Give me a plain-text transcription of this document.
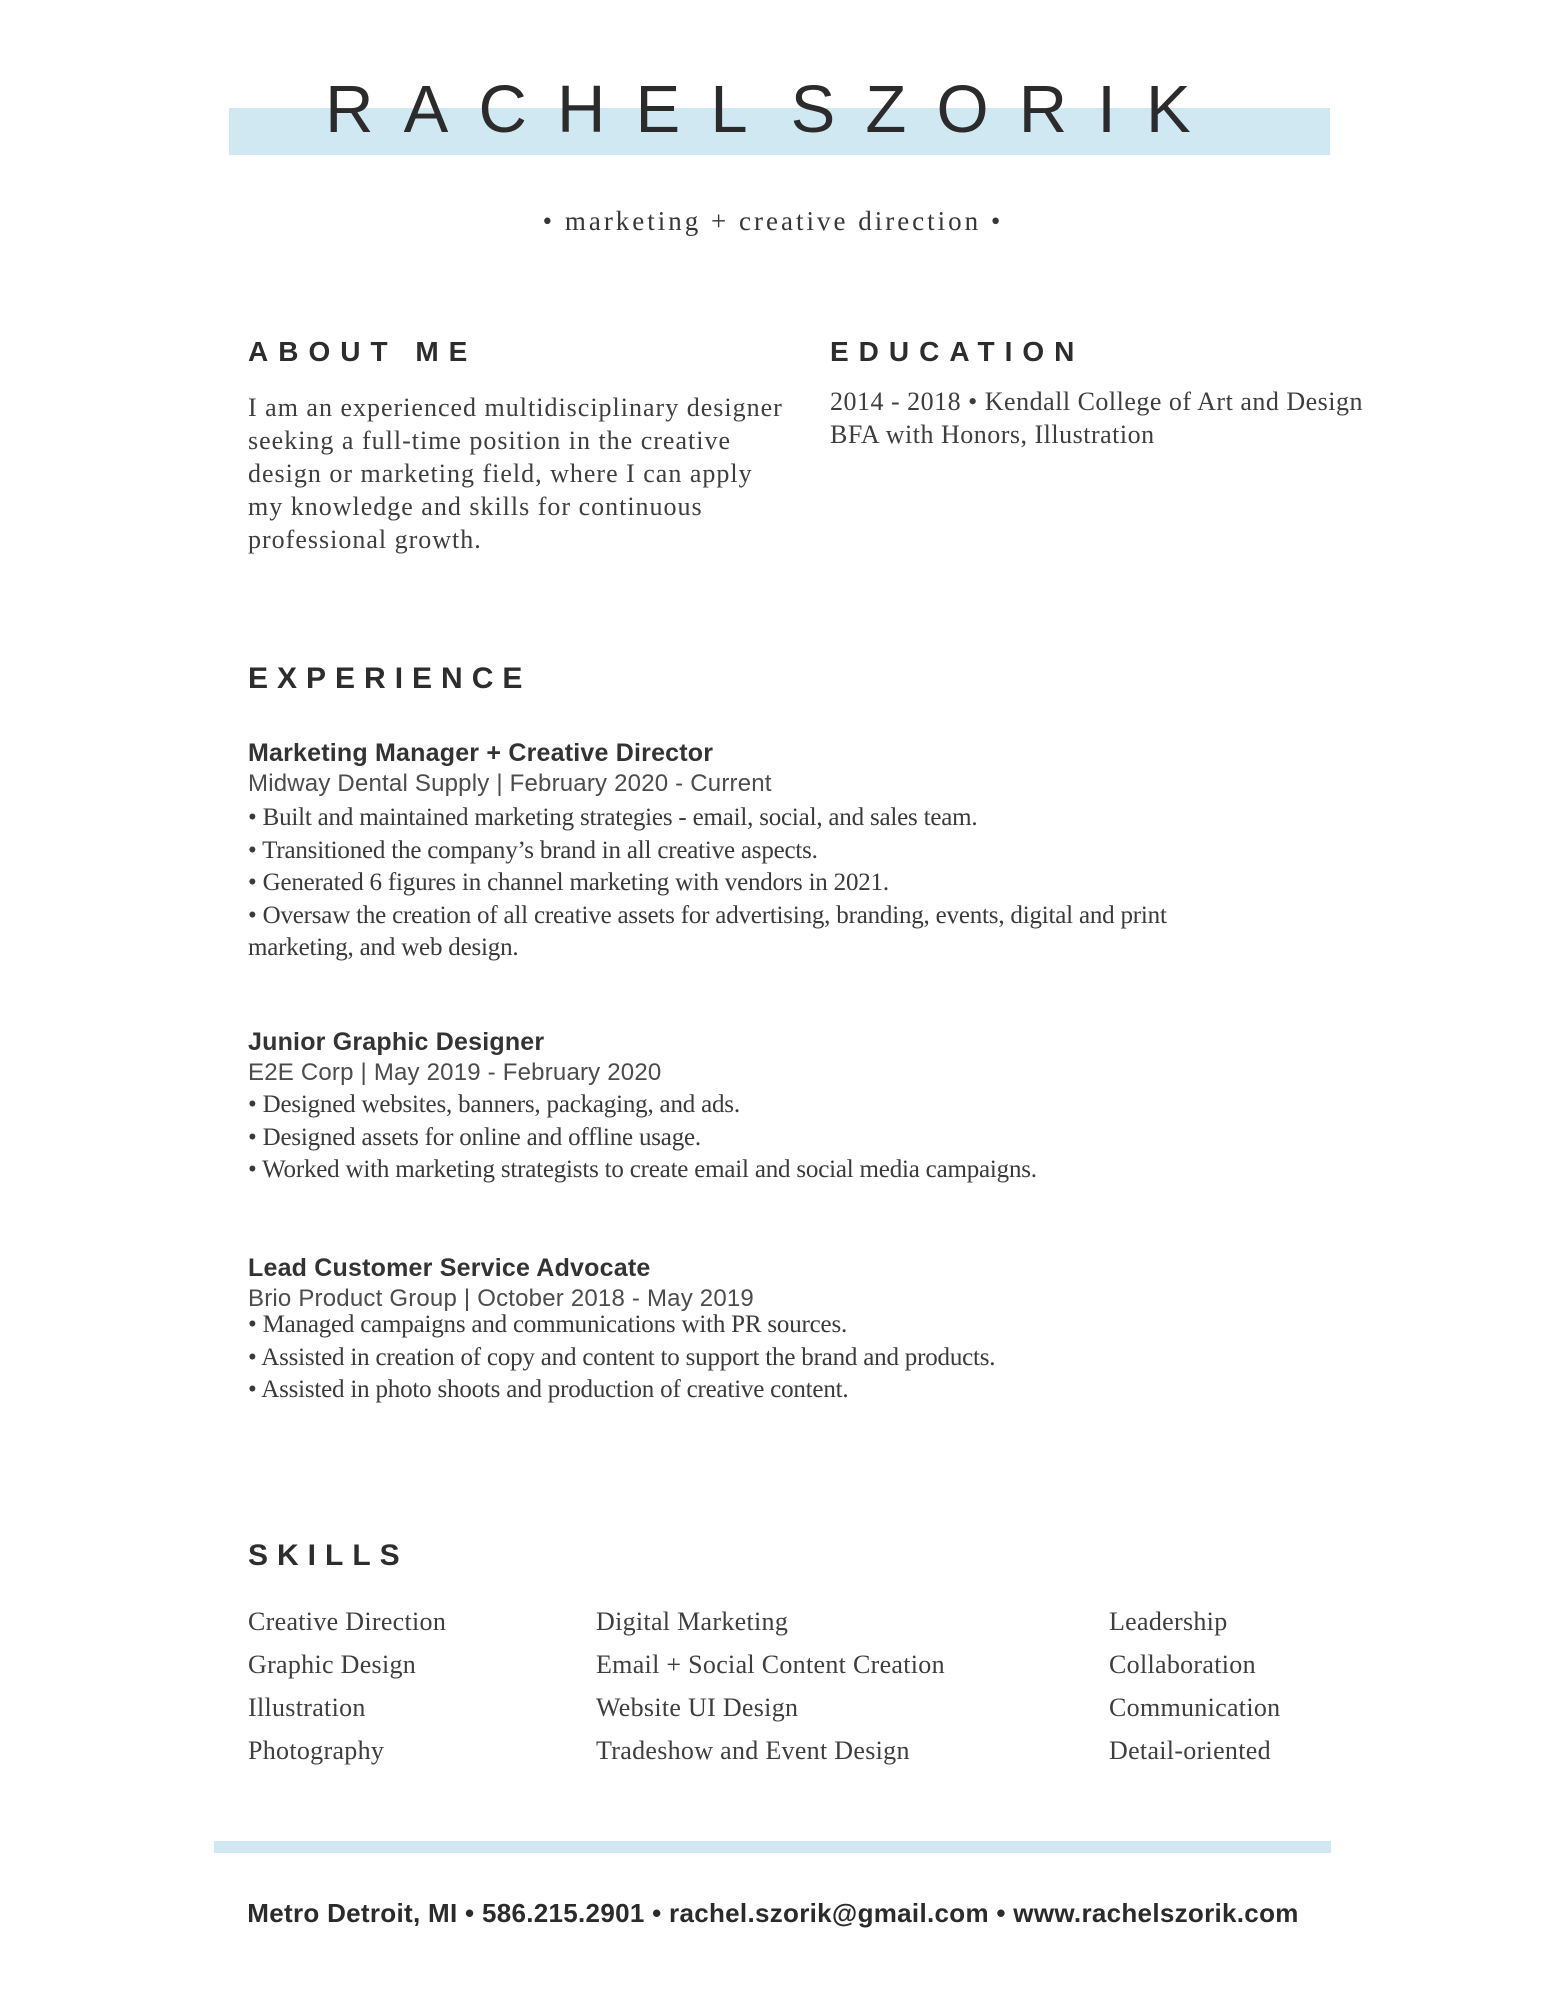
RACHEL SZORIK
• marketing + creative direction •
ABOUT ME
I am an experienced multidisciplinary designer
seeking a full-time position in the creative
design or marketing field, where I can apply
my knowledge and skills for continuous
professional growth.
EDUCATION
2014 - 2018 • Kendall College of Art and Design
BFA with Honors, Illustration
EXPERIENCE
Marketing Manager + Creative Director
Midway Dental Supply | February 2020 - Current
• Built and maintained marketing strategies - email, social, and sales team.
• Transitioned the company’s brand in all creative aspects.
• Generated 6 figures in channel marketing with vendors in 2021.
• Oversaw the creation of all creative assets for advertising, branding, events, digital and print
marketing, and web design.
Junior Graphic Designer
E2E Corp | May 2019 - February 2020
• Designed websites, banners, packaging, and ads.
• Designed assets for online and offline usage.
• Worked with marketing strategists to create email and social media campaigns.
Lead Customer Service Advocate
Brio Product Group | October 2018 - May 2019
• Managed campaigns and communications with PR sources.
• Assisted in creation of copy and content to support the brand and products.
• Assisted in photo shoots and production of creative content.
SKILLS
Creative Direction
Graphic Design
Illustration
Photography
Digital Marketing
Email + Social Content Creation
Website UI Design
Tradeshow and Event Design
Leadership
Collaboration
Communication
Detail-oriented
Metro Detroit, MI • 586.215.2901 • rachel.szorik@gmail.com • www.rachelszorik.com
